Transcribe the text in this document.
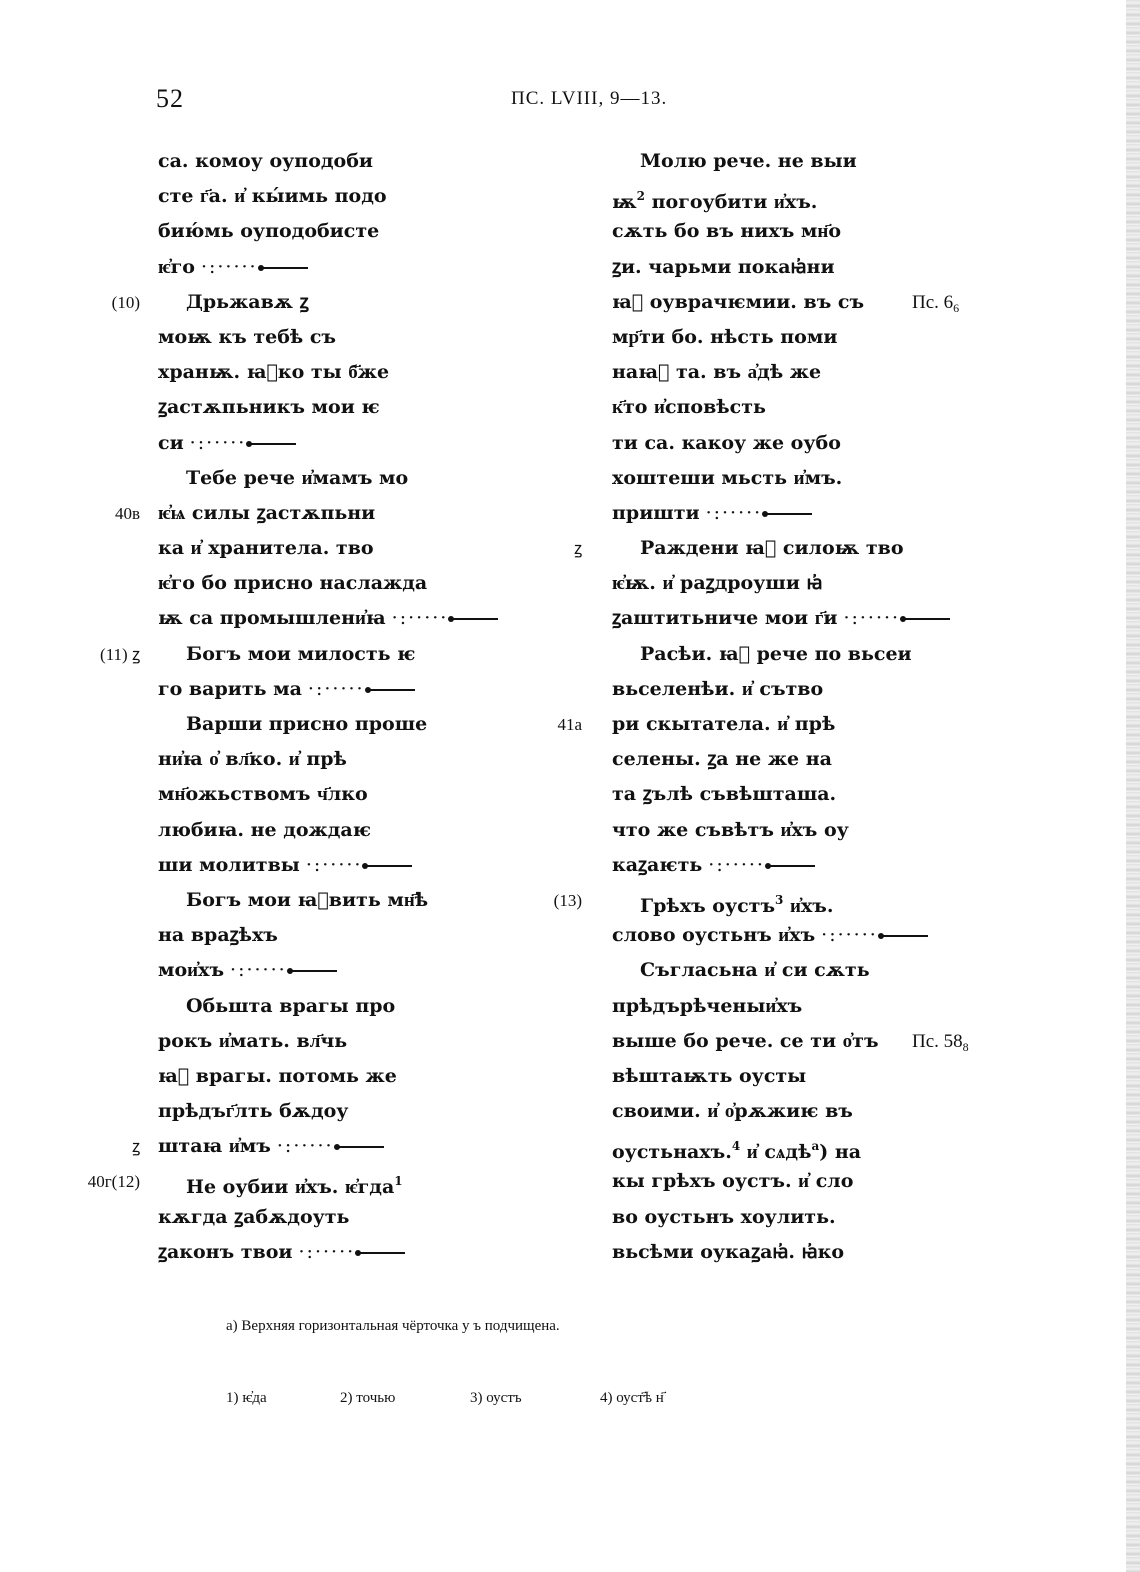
52	ПС. LVIII, 9—13.
са. комоу оуподоби
сте г҃а. и҆ кы́имь подо
бию́мь оуподобисте
ѥ҆го ·:·····
(10) Дрьжавѫ ꙁ
моѭ къ тебѣ съ
хранѭ. ꙗ҆ко ты б҃же
ꙁастѫпьникъ мои ѥ
си ·:·····
Тебе рече и҆мамъ мо
40в ѥ҆ѩ силы ꙁастѫпьни
ка и҆ хранитела. тво
ѥ҆го бо присно наслажда
ѭ са промышлени҆ꙗ ·:·····
(11) ꙁ Богъ мои милость ѥ
го варить ма ·:·····
Варши присно проше
ни҆ꙗ о҆ вл҃ко. и҆ прѣ
мн҃ожьствомъ ч҃лко
любиꙗ. не дождаѥ
ши молитвы ·:·····
Богъ мои ꙗ҆вить мн҃ѣ
на враꙁѣхъ
мои҆хъ ·:·····
Обьшта врагы про
рокъ и҆мать. вл҃чь
ꙗ҆ врагы. потомь же
прѣдъг҃лть бѫдоу
ꙁ штаꙗ и҆мъ ·:·····
40г(12) Не оубии и҆хъ. ѥ҆гда$^1$
кѫгда ꙁабѫдоуть
ꙁаконъ твои ·:·····
Молю рече. не выи
$ѭ^2$ погоубити и҆хъ.
сѫть бо въ нихъ мн҃о
ꙁи. чарьми покаꙗ҆ни
ꙗ҆ оуврачѥмии. въ съ	Пс. $6_6$
мр҃ти бо. нѣсть поми
наꙗ҆ та. въ а҆дѣ же
к҃то и҆сповѣсть
ти са. какоу же оубо
хоштеши мьсть и҆мъ.
пришти ·:·····
ꙁ	Раждени ꙗ҆ силоѭ тво
ѥ҆ѭ. и҆ раꙁдроуши ꙗ҆
ꙁаштитьниче мои г҃и ·:·····
Расѣи. ꙗ҆ рече по вьсеи
вьселенѣи. и҆ сътво
41а ри скытатела. и҆ прѣ
селены. ꙁа не же на
та ꙁълѣ съвѣшташа.
что же съвѣтъ и҆хъ оу
каꙁаѥть ·:·····
(13)	Грѣхъ оустъ$^3$ и҆хъ.
слово оустьнъ и҆хъ ·:·····
Съгласьна и҆ си сѫть
прѣдърѣченыи҆хъ
выше бо рече. се ти о҆тъ Пс. $58_8$
вѣштаѭть оусты
своими. и҆ о҆рѫжиѥ въ
оустьнахъ.$^4$ и҆ сѧдѣ$^a$) на
кы грѣхъ оустъ. и҆ сло
во оустьнъ хоулить.
вьсѣми оукаꙁаꙗ҆. ꙗ҆ко
а) Верхняя горизонтальная чёрточка у ъ подчищена.
1) ѥ҆да	2) точью	3) оустъ	4) оуст҃ѣ н҃
